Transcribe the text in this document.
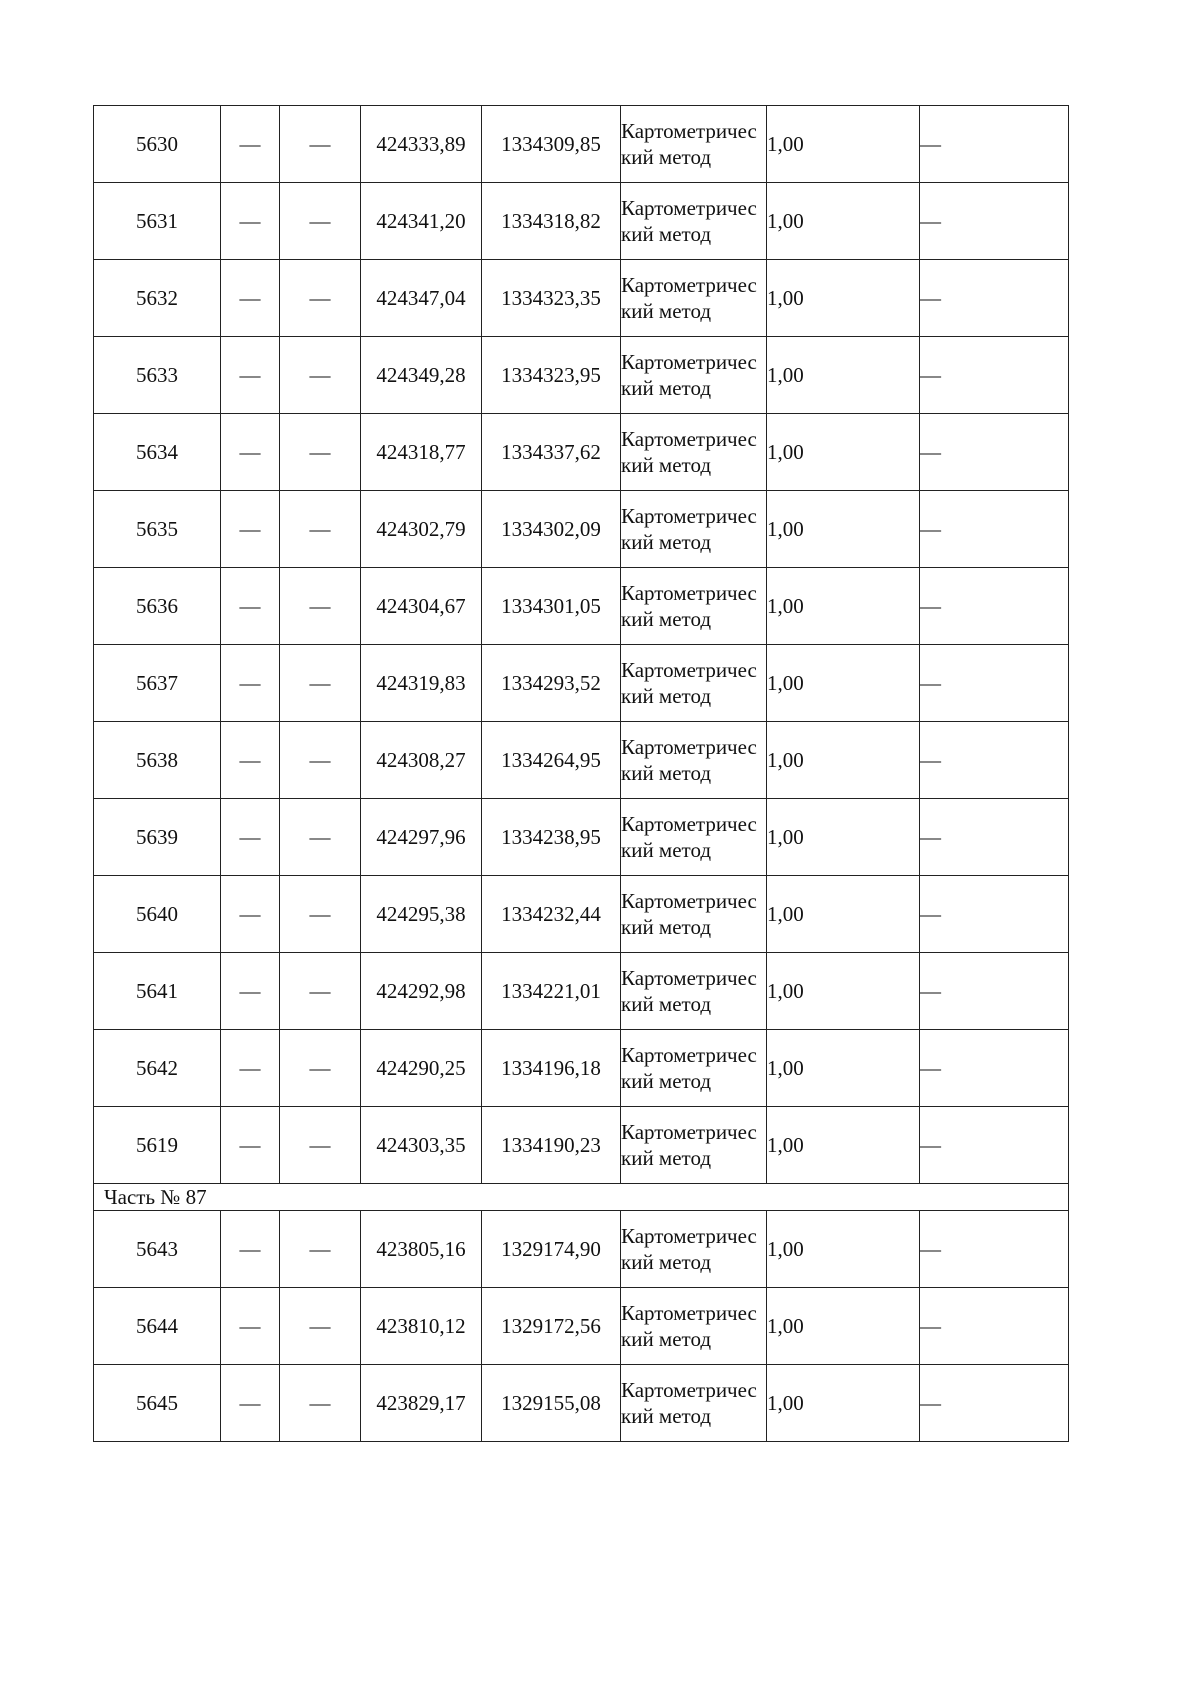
5630	—	—	424333,89	1334309,85	Картометрический метод	1,00	—
5631	—	—	424341,20	1334318,82	Картометрический метод	1,00	—
5632	—	—	424347,04	1334323,35	Картометрический метод	1,00	—
5633	—	—	424349,28	1334323,95	Картометрический метод	1,00	—
5634	—	—	424318,77	1334337,62	Картометрический метод	1,00	—
5635	—	—	424302,79	1334302,09	Картометрический метод	1,00	—
5636	—	—	424304,67	1334301,05	Картометрический метод	1,00	—
5637	—	—	424319,83	1334293,52	Картометрический метод	1,00	—
5638	—	—	424308,27	1334264,95	Картометрический метод	1,00	—
5639	—	—	424297,96	1334238,95	Картометрический метод	1,00	—
5640	—	—	424295,38	1334232,44	Картометрический метод	1,00	—
5641	—	—	424292,98	1334221,01	Картометрический метод	1,00	—
5642	—	—	424290,25	1334196,18	Картометрический метод	1,00	—
5619	—	—	424303,35	1334190,23	Картометрический метод	1,00	—
Часть № 87							
5643	—	—	423805,16	1329174,90	Картометрический метод	1,00	—
5644	—	—	423810,12	1329172,56	Картометрический метод	1,00	—
5645	—	—	423829,17	1329155,08	Картометрический метод	1,00	—
